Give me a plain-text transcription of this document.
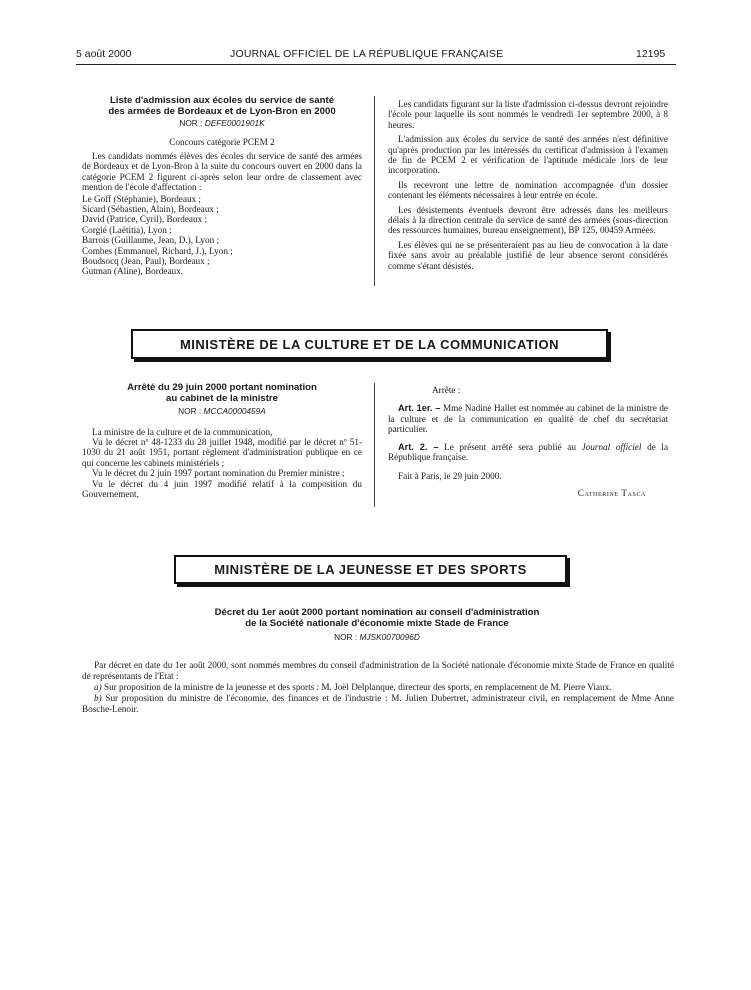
5 août 2000	JOURNAL OFFICIEL DE LA RÉPUBLIQUE FRANÇAISE	12195
Liste d'admission aux écoles du service de santé
des armées de Bordeaux et de Lyon-Bron en 2000
NOR : DEFE0001901K
Concours catégorie PCEM 2

Les candidats nommés élèves des écoles du service de santé des armées de Bordeaux et de Lyon-Bron à la suite du concours ouvert en 2000 dans la catégorie PCEM 2 figurent ci-après selon leur ordre de classement avec mention de l'école d'affectation :

Le Goff (Stéphanie), Bordeaux ;
Sicard (Sébastien, Alain), Bordeaux ;
David (Patrice, Cyril), Bordeaux ;
Corgié (Laëtitia), Lyon ;
Barrois (Guillaume, Jean, D.), Lyon ;
Combes (Emmanuel, Richard, J.), Lyon ;
Boudsocq (Jean, Paul), Bordeaux ;
Gutman (Aline), Bordeaux.

Les candidats figurant sur la liste d'admission ci-dessus devront rejoindre l'école pour laquelle ils sont nommés le vendredi 1er septembre 2000, à 8 heures.

L'admission aux écoles du service de santé des armées n'est définitive qu'après production par les intéressés du certificat d'admission à l'examen de fin de PCEM 2 et vérification de l'aptitude médicale lors de leur incorporation.

Ils recevront une lettre de nomination accompagnée d'un dossier contenant les éléments nécessaires à leur entrée en école.

Les désistements éventuels devront être adressés dans les meilleurs délais à la direction centrale du service de santé des armées (sous-direction des ressources humaines, bureau enseignement), BP 125, 00459 Armées.

Les élèves qui ne se présenteraient pas au lieu de convocation à la date fixée sans avoir au préalable justifié de leur absence seront considérés comme s'étant désistés.

MINISTÈRE DE LA CULTURE ET DE LA COMMUNICATION
Arrêté du 29 juin 2000 portant nomination
au cabinet de la ministre
NOR : MCCA0000459A

La ministre de la culture et de la communication,

Vu le décret nº 48-1233 du 28 juillet 1948, modifié par le décret nº 51-1030 du 21 août 1951, portant règlement d'administration publique en ce qui concerne les cabinets ministériels ;

Vu le décret du 2 juin 1997 portant nomination du Premier ministre ;

Vu le décret du 4 juin 1997 modifié relatif à la composition du Gouvernement,

Arrête :

Art. 1er. – Mme Nadine Hallet est nommée au cabinet de la ministre de la culture et de la communication en qualité de chef du secrétariat particulier.

Art. 2. – Le présent arrêté sera publié au Journal officiel de la République française.

Fait à Paris, le 29 juin 2000.

Catherine Tasca
MINISTÈRE DE LA JEUNESSE ET DES SPORTS
Décret du 1er août 2000 portant nomination au conseil d'administration
de la Société nationale d'économie mixte Stade de France
NOR : MJSK0070096D

Par décret en date du 1er août 2000, sont nommés membres du conseil d'administration de la Société nationale d'économie mixte Stade de France en qualité de représentants de l'Etat :

a) Sur proposition de la ministre de la jeunesse et des sports : M. Joël Delplanque, directeur des sports, en remplacement de M. Pierre Viaux.

b) Sur proposition du ministre de l'économie, des finances et de l'industrie : M. Julien Dubertret, administrateur civil, en remplacement de Mme Anne Bosche-Lenoir.
